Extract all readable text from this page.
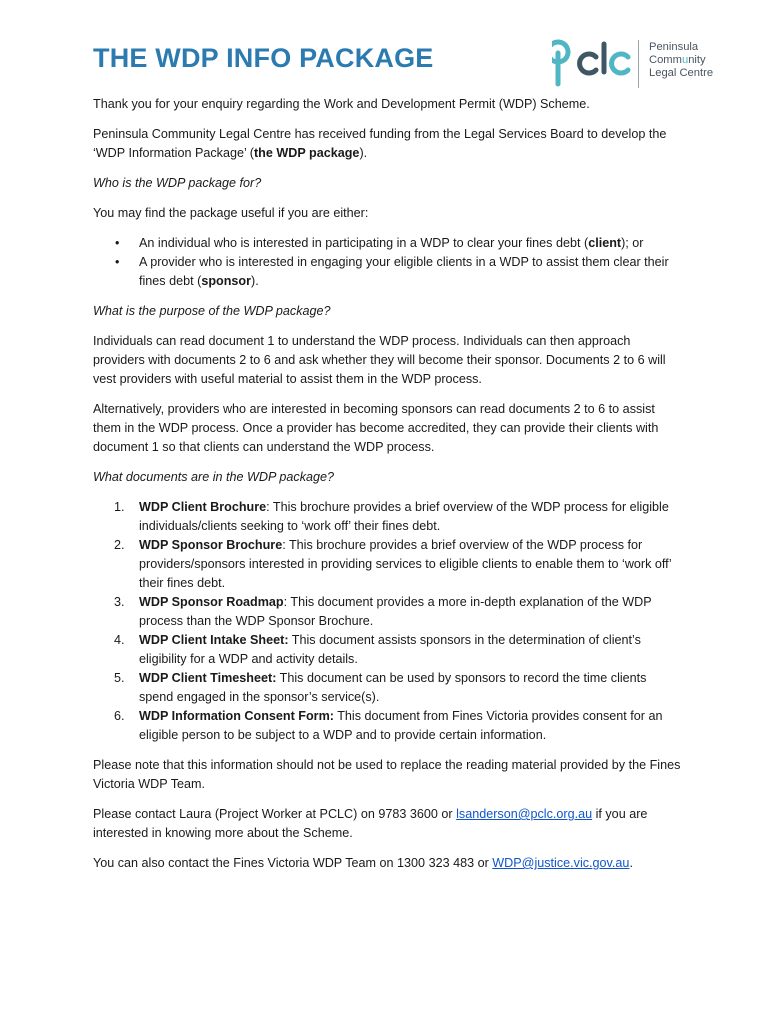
THE WDP INFO PACKAGE
pclc
Peninsula
Community
Legal Centre

Thank you for your enquiry regarding the Work and Development Permit (WDP) Scheme.

Peninsula Community Legal Centre has received funding from the Legal Services Board to develop the ‘WDP Information Package’ (the WDP package).

Who is the WDP package for?

You may find the package useful if you are either:

• An individual who is interested in participating in a WDP to clear your fines debt (client); or
• A provider who is interested in engaging your eligible clients in a WDP to assist them clear their fines debt (sponsor).

What is the purpose of the WDP package?

Individuals can read document 1 to understand the WDP process. Individuals can then approach providers with documents 2 to 6 and ask whether they will become their sponsor. Documents 2 to 6 will vest providers with useful material to assist them in the WDP process.

Alternatively, providers who are interested in becoming sponsors can read documents 2 to 6 to assist them in the WDP process. Once a provider has become accredited, they can provide their clients with document 1 so that clients can understand the WDP process.

What documents are in the WDP package?

1. WDP Client Brochure: This brochure provides a brief overview of the WDP process for eligible individuals/clients seeking to ‘work off’ their fines debt.
2. WDP Sponsor Brochure: This brochure provides a brief overview of the WDP process for providers/sponsors interested in providing services to eligible clients to enable them to ‘work off’ their fines debt.
3. WDP Sponsor Roadmap: This document provides a more in-depth explanation of the WDP process than the WDP Sponsor Brochure.
4. WDP Client Intake Sheet: This document assists sponsors in the determination of client’s eligibility for a WDP and activity details.
5. WDP Client Timesheet: This document can be used by sponsors to record the time clients spend engaged in the sponsor’s service(s).
6. WDP Information Consent Form: This document from Fines Victoria provides consent for an eligible person to be subject to a WDP and to provide certain information.

Please note that this information should not be used to replace the reading material provided by the Fines Victoria WDP Team.

Please contact Laura (Project Worker at PCLC) on 9783 3600 or lsanderson@pclc.org.au if you are interested in knowing more about the Scheme.

You can also contact the Fines Victoria WDP Team on 1300 323 483 or WDP@justice.vic.gov.au.
